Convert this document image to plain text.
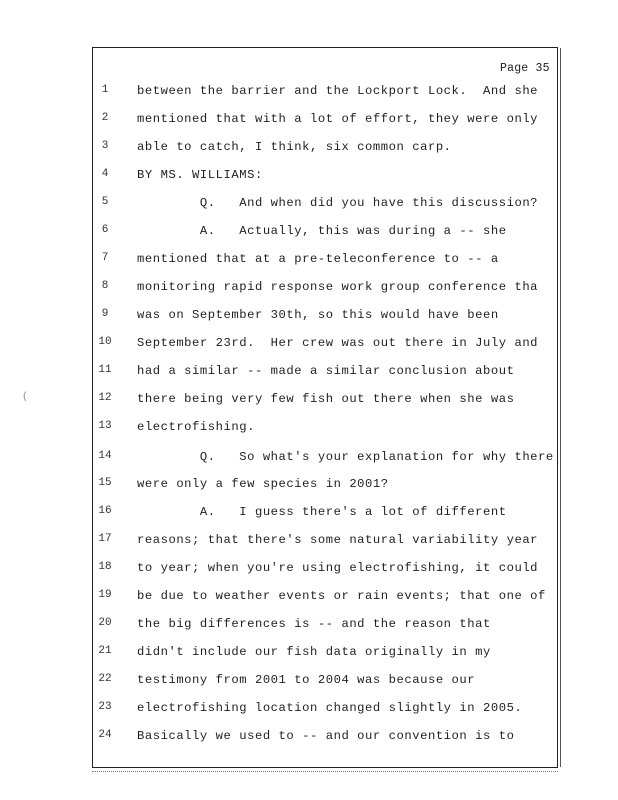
Page 35
1	between the barrier and the Lockport Lock.  And she
2	mentioned that with a lot of effort, they were only
3	able to catch, I think, six common carp.
4	BY MS. WILLIAMS:
5	Q.   And when did you have this discussion?
6	A.   Actually, this was during a -- she
7	mentioned that at a pre-teleconference to -- a
8	monitoring rapid response work group conference tha
9	was on September 30th, so this would have been
10	September 23rd.  Her crew was out there in July and
11	had a similar -- made a similar conclusion about
12	there being very few fish out there when she was
13	electrofishing.
14	Q.   So what's your explanation for why there
15	were only a few species in 2001?
16	A.   I guess there's a lot of different
17	reasons; that there's some natural variability year
18	to year; when you're using electrofishing, it could
19	be due to weather events or rain events; that one of
20	the big differences is -- and the reason that
21	didn't include our fish data originally in my
22	testimony from 2001 to 2004 was because our
23	electrofishing location changed slightly in 2005.
24	Basically we used to -- and our convention is to
(
